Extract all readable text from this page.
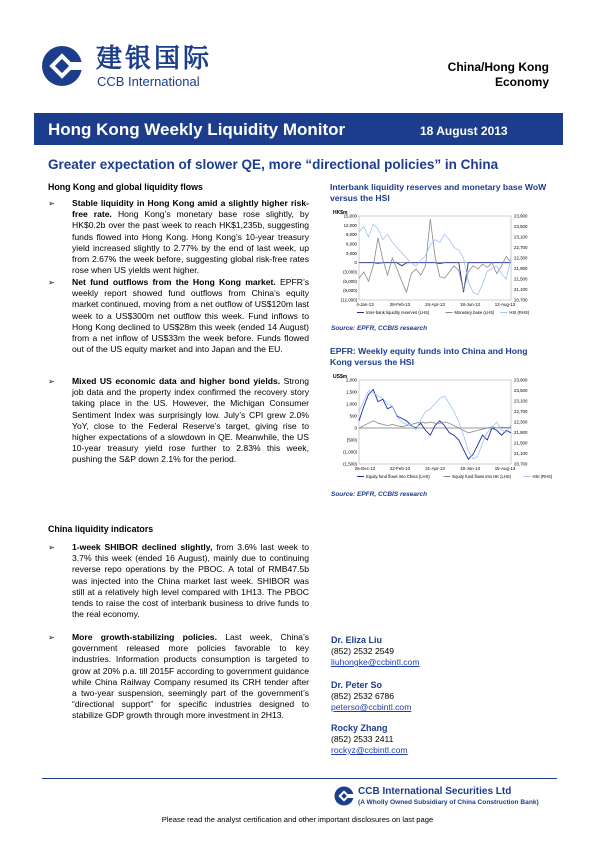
建银国际
CCB International
China/Hong Kong
Economy
Hong Kong Weekly Liquidity Monitor	18 August 2013
Greater expectation of slower QE, more “directional policies” in China
Hong Kong and global liquidity flows
➢	Stable liquidity in Hong Kong amid a slightly higher risk-free rate. Hong Kong’s monetary base rose slightly, by HK$0.2b over the past week to reach HK$1,235b, suggesting funds flowed into Hong Kong. Hong Kong’s 10-year treasury yield increased slightly to 2.77% by the end of last week, up from 2.67% the week before, suggesting global risk-free rates rose when US yields went higher.
➢	Net fund outflows from the Hong Kong market. EPFR’s weekly report showed fund outflows from China’s equity market continued, moving from a net outflow of US$120m last week to a US$300m net outflow this week. Fund inflows to Hong Kong declined to US$28m this week (ended 14 August) from a net inflow of US$33m the week before. Funds flowed out of the US equity market and into Japan and the EU.
➢	Mixed US economic data and higher bond yields. Strong job data and the property index confirmed the recovery story taking place in the US. However, the Michigan Consumer Sentiment Index was surprisingly low. July’s CPI grew 2.0% YoY, close to the Federal Reserve’s target, giving rise to higher expectations of a slowdown in QE. Meanwhile, the US 10-year treasury yield rose further to 2.83% this week, pushing the S&P down 2.1% for the period.
China liquidity indicators
➢	1-week SHIBOR declined slightly, from 3.6% last week to 3.7% this week (ended 16 August), mainly due to continuing reverse repo operations by the PBOC. A total of RMB47.5b was injected into the China market last week. SHIBOR was still at a relatively high level compared with 1H13. The PBOC tends to raise the cost of interbank business to drive funds to the real economy.
➢	More growth-stabilizing policies. Last week, China’s government released more policies favorable to key industries. Information products consumption is targeted to grow at 20% p.a. till 2015F according to government guidance while China Railway Company resumed its CRH tender after a two-year suspension, seemingly part of the government’s “directional support” for specific industries designed to stabilize GDP growth through more investment in 2H13.
Interbank liquidity reserves and monetary base WoW versus the HSI
HK$m
15,000
12,000
9,000
6,000
3,000
0
(3,000)
(6,000)
(9,000)
(12,000)
23,900
23,500
23,100
22,700
22,300
21,900
21,500
21,100
20,700
4-Jan-13	28-Feb-13	24-Apr-13	18-Jun-13	12-Aug-13
Inter-bank liquidity reserves (LHS)	Monetary base (LHS)	HSI (RHS)
Source: EPFR, CCBIS research
EPFR: Weekly equity funds into China and Hong Kong versus the HSI
US$m
2,000
1,500
1,000
500
0
(500)
(1,000)
(1,500)
23,900
23,500
23,100
22,700
22,300
21,900
21,500
21,100
20,700
26-Dec-12	22-Feb-13	21-Apr-13	18-Jun-13	15-Aug-13
Equity fund flows into China (LHS)	Equity fund flows into HK (LHS)	HSI (RHS)
Source: EPFR, CCBIS research
Dr. Eliza Liu
(852) 2532 2549
liuhongke@ccbintl.com
Dr. Peter So
(852) 2532 6786
peterso@ccbintl.com
Rocky Zhang
(852) 2533 2411
rockyz@ccbintl.com
CCB International Securities Ltd
(A Wholly Owned Subsidiary of China Construction Bank)
Please read the analyst certification and other important disclosures on last page
